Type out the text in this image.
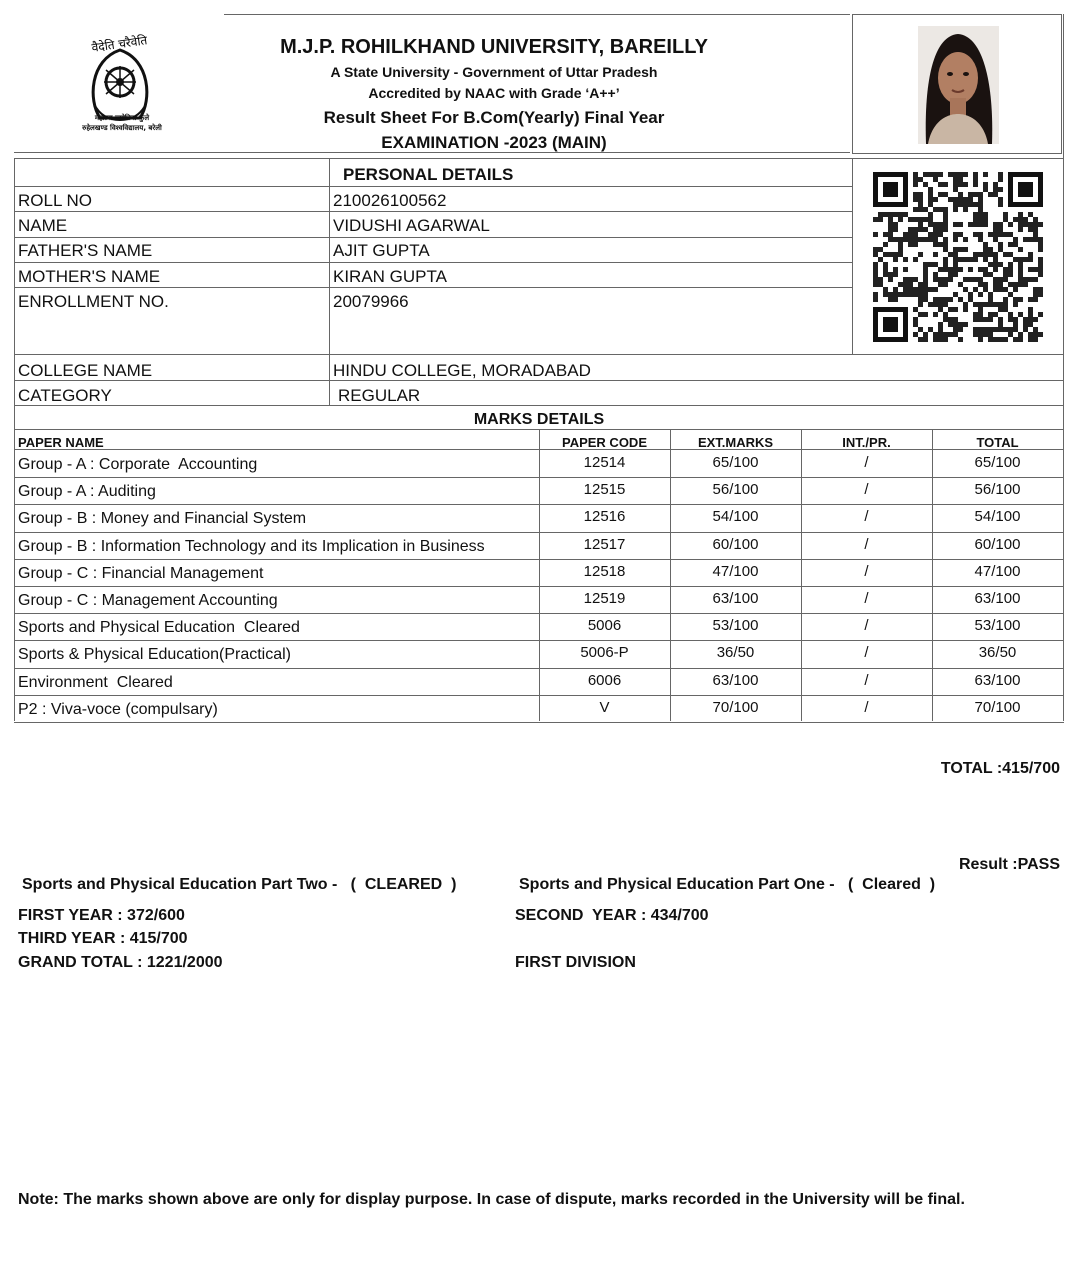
वैदेति चरैवेति
महात्मा ज्योतिबा फुले
रुहेलखण्ड विश्वविद्यालय, बरेली
M.J.P. ROHILKHAND UNIVERSITY, BAREILLY
A State University - Government of Uttar Pradesh
Accredited by NAAC with Grade ‘A++’
Result Sheet For B.Com(Yearly) Final Year
EXAMINATION -2023 (MAIN)
PERSONAL DETAILS
ROLL NO	210026100562
NAME	VIDUSHI AGARWAL
FATHER'S NAME	AJIT GUPTA
MOTHER'S NAME	KIRAN GUPTA
ENROLLMENT NO.	20079966
COLLEGE NAME	HINDU COLLEGE, MORADABAD
CATEGORY	REGULAR
MARKS DETAILS
PAPER NAME	PAPER CODE	EXT.MARKS	INT./PR.	TOTAL
Group - A : Corporate  Accounting	12514	65/100	/	65/100
Group - A : Auditing	12515	56/100	/	56/100
Group - B : Money and Financial System	12516	54/100	/	54/100
Group - B : Information Technology and its Implication in Business	12517	60/100	/	60/100
Group - C : Financial Management	12518	47/100	/	47/100
Group - C : Management Accounting	12519	63/100	/	63/100
Sports and Physical Education  Cleared	5006	53/100	/	53/100
Sports & Physical Education(Practical)	5006-P	36/50	/	36/50
Environment  Cleared	6006	63/100	/	63/100
P2 : Viva-voce (compulsary)	V	70/100	/	70/100
TOTAL :415/700
Result :PASS
Sports and Physical Education Part Two -   (  CLEARED  )	Sports and Physical Education Part One -   (  Cleared  )
FIRST YEAR : 372/600	SECOND  YEAR : 434/700
THIRD YEAR : 415/700
GRAND TOTAL : 1221/2000	FIRST DIVISION
Note: The marks shown above are only for display purpose. In case of dispute, marks recorded in the University will be final.
